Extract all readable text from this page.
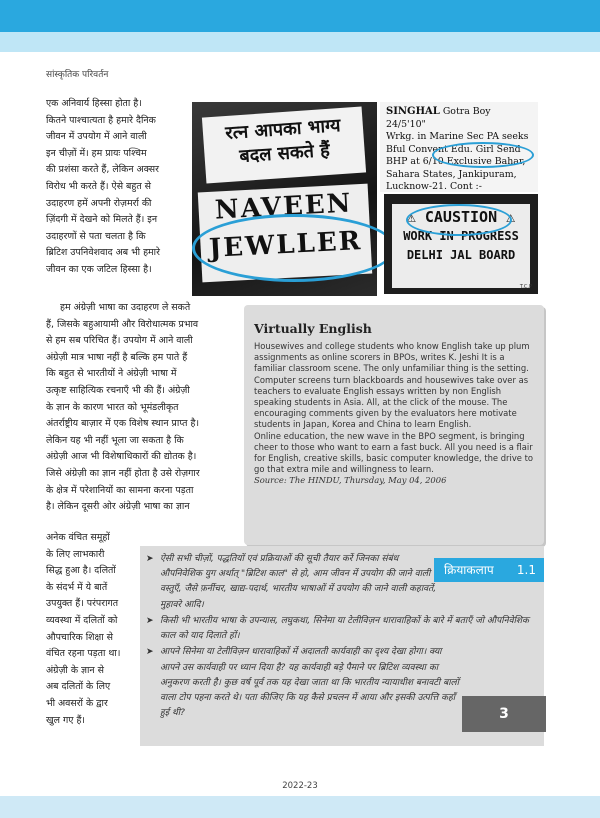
सांस्कृतिक परिवर्तन
एक अनिवार्य हिस्सा होता है।
कितने पाश्चात्यता है हमारे दैनिक
जीवन में उपयोग में आने वाली
इन चीज़ों में। हम प्रायः पश्चिम
की प्रशंसा करते हैं, लेकिन अक्सर
विरोध भी करते हैं। ऐसे बहुत से
उदाहरण हमें अपनी रोज़मर्रा की
ज़िंदगी में देखने को मिलते हैं। इन
उदाहरणों से पता चलता है कि
ब्रिटिश उपनिवेशवाद अब भी हमारे
जीवन का एक जटिल हिस्सा है।
रत्न आपका भाग्य
बदल सकते हैं
NAVEEN
JEWLLER
SINGHAL Gotra Boy 24/5'10"
Wrkg. in Marine Sec PA seeks
Bful Convent Edu. Girl Send
BHP at 6/10 Exclusive Bahar,
Sahara States, Jankipuram,
Lucknow-21. Cont :-
⚠ CAUSTION ⚠
WORK IN PROGRESS
DELHI JAL BOARD
T.C.P
हम अंग्रेज़ी भाषा का उदाहरण ले सकते
हैं, जिसके बहुआयामी और विरोधात्मक प्रभाव
से हम सब परिचित हैं। उपयोग में आने वाली
अंग्रेज़ी मात्र भाषा नहीं है बल्कि हम पाते हैं
कि बहुत से भारतीयों ने अंग्रेज़ी भाषा में
उत्कृष्ट साहित्यिक रचनाएँ भी की हैं। अंग्रेज़ी
के ज्ञान के कारण भारत को भूमंडलीकृत
अंतर्राष्ट्रीय बाज़ार में एक विशेष स्थान प्राप्त है।
लेकिन यह भी नहीं भूला जा सकता है कि
अंग्रेज़ी आज भी विशेषाधिकारों की द्योतक है।
जिसे अंग्रेज़ी का ज्ञान नहीं होता है उसे रोज़गार
के क्षेत्र में परेशानियों का सामना करना पड़ता
है। लेकिन दूसरी ओर अंग्रेज़ी भाषा का ज्ञान
अनेक वंचित समूहों
के लिए लाभकारी
सिद्ध हुआ है। दलितों
के संदर्भ में ये बातें
उपयुक्त हैं। परंपरागत
व्यवस्था में दलितों को
औपचारिक शिक्षा से
वंचित रहना पड़ता था।
अंग्रेज़ी के ज्ञान से
अब दलितों के लिए
भी अवसरों के द्वार
खुल गए हैं।
Virtually English

Housewives and college students who know English take up plum assignments as online scorers in BPOs, writes K. Jeshi It is a familiar classroom scene. The only unfamiliar thing is the setting. Computer screens turn blackboards and housewives take over as teachers to evaluate English essays written by non English speaking students in Asia. All, at the click of the mouse. The encouraging comments given by the evaluators here motivate students in Japan, Korea and China to learn English.

Online education, the new wave in the BPO segment, is bringing cheer to those who want to earn a fast buck. All you need is a flair for English, creative skills, basic computer knowledge, the drive to go that extra mile and willingness to learn.

Source: The HINDU, Thursday, May 04, 2006

➤ ऐसी सभी चीज़ों, पद्धतियों एवं प्रक्रियाओं की सूची तैयार करें जिनका संबंध औपनिवेशिक युग अर्थात् "ब्रिटिश काल" से हो, आम जीवन में उपयोग की जाने वाली वस्तुएँ, जैसे फ़र्नीचर, खाद्य-पदार्थ, भारतीय भाषाओं में उपयोग की जाने वाली कहावतें, मुहावरे आदि।
➤ किसी भी भारतीय भाषा के उपन्यास, लघुकथा, सिनेमा या टेलीविज़न धारावाहिकों के बारे में बताएँ जो औपनिवेशिक काल को याद दिलाते हों।
➤ आपने सिनेमा या टेलीविज़न धारावाहिकों में अदालती कार्यवाही का दृश्य देखा होगा। क्या आपने उस कार्यवाही पर ध्यान दिया है? यह कार्यवाही बड़े पैमाने पर ब्रिटिश व्यवस्था का अनुकरण करती है। कुछ वर्ष पूर्व तक यह देखा जाता था कि भारतीय न्यायाधीश बनावटी बालों वाला टोप पहना करते थे। पता कीजिए कि यह कैसे प्रचलन में आया और इसकी उत्पत्ति कहाँ हुई थी?
क्रियाकलाप 1.1
3
2022-23
